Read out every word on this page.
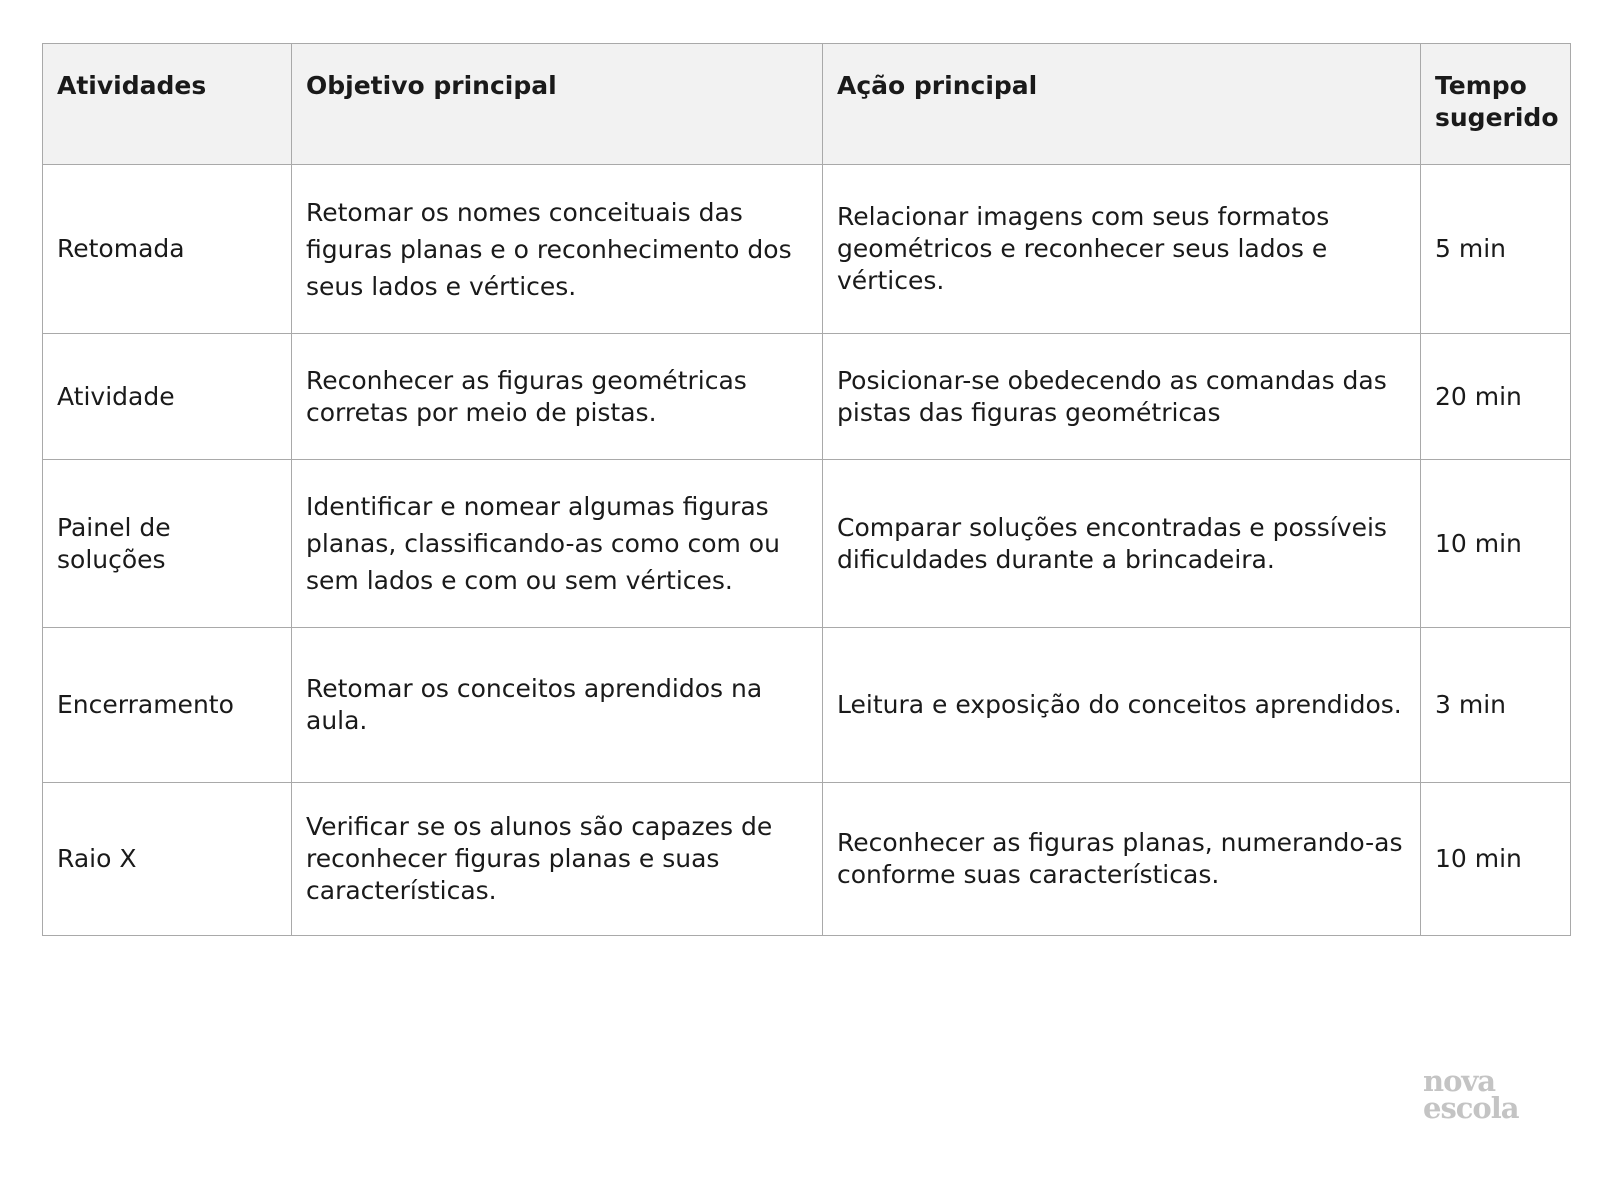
Atividades	Objetivo principal	Ação principal	Tempo sugerido
Retomada	Retomar os nomes conceituais das figuras planas e o reconhecimento dos seus lados e vértices.	Relacionar imagens com seus formatos geométricos e reconhecer seus lados e vértices.	5 min
Atividade	Reconhecer as figuras geométricas corretas por meio de pistas.	Posicionar-se obedecendo as comandas das pistas das figuras geométricas	20 min
Painel de soluções	Identificar e nomear algumas figuras planas, classificando-as como com ou sem lados e com ou sem vértices.	Comparar soluções encontradas e possíveis dificuldades durante a brincadeira.	10 min
Encerramento	Retomar os conceitos aprendidos na aula.	Leitura e exposição do conceitos aprendidos.	3 min
Raio X	Verificar se os alunos são capazes de reconhecer figuras planas e suas características.	Reconhecer as figuras planas, numerando-as conforme suas características.	10 min
nova
escola
